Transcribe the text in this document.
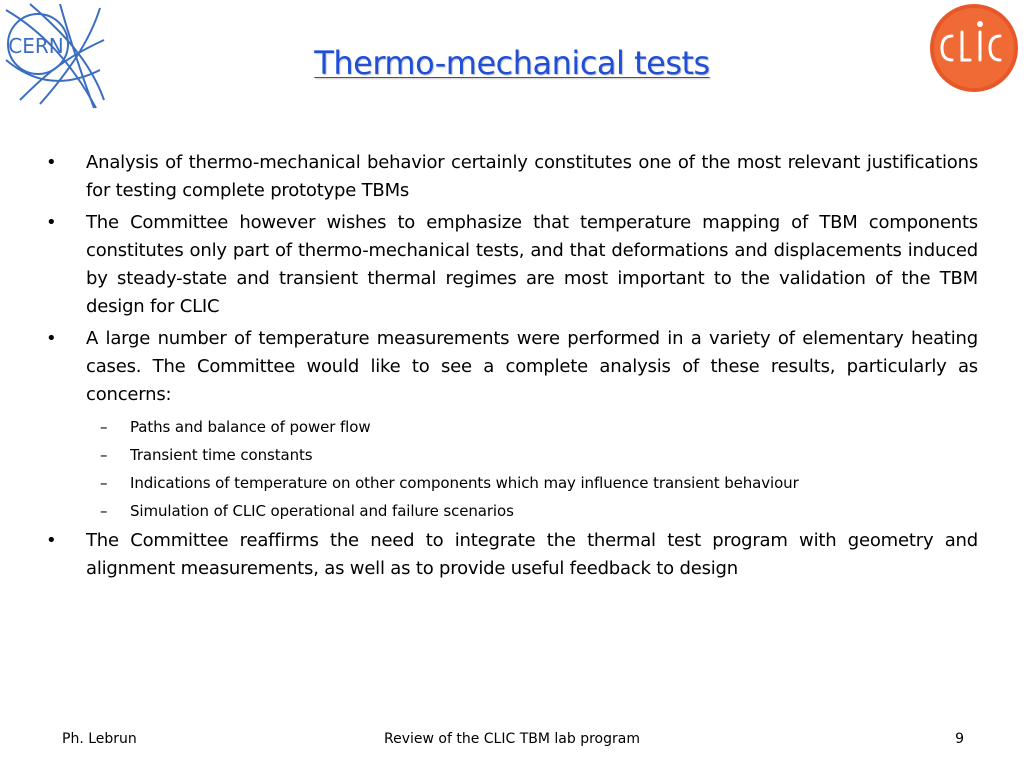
CERN	Thermo-mechanical tests

• Analysis of thermo-mechanical behavior certainly constitutes one of the most relevant justifications for testing complete prototype TBMs

• The Committee however wishes to emphasize that temperature mapping of TBM components constitutes only part of thermo-mechanical tests, and that deformations and displacements induced by steady-state and transient thermal regimes are most important to the validation of the TBM design for CLIC

• A large number of temperature measurements were performed in a variety of elementary heating cases. The Committee would like to see a complete analysis of these results, particularly as concerns:

– Paths and balance of power flow

– Transient time constants

– Indications of temperature on other components which may influence transient behaviour

– Simulation of CLIC operational and failure scenarios

• The Committee reaffirms the need to integrate the thermal test program with geometry and alignment measurements, as well as to provide useful feedback to design

Ph. Lebrun	Review of the CLIC TBM lab program	9
